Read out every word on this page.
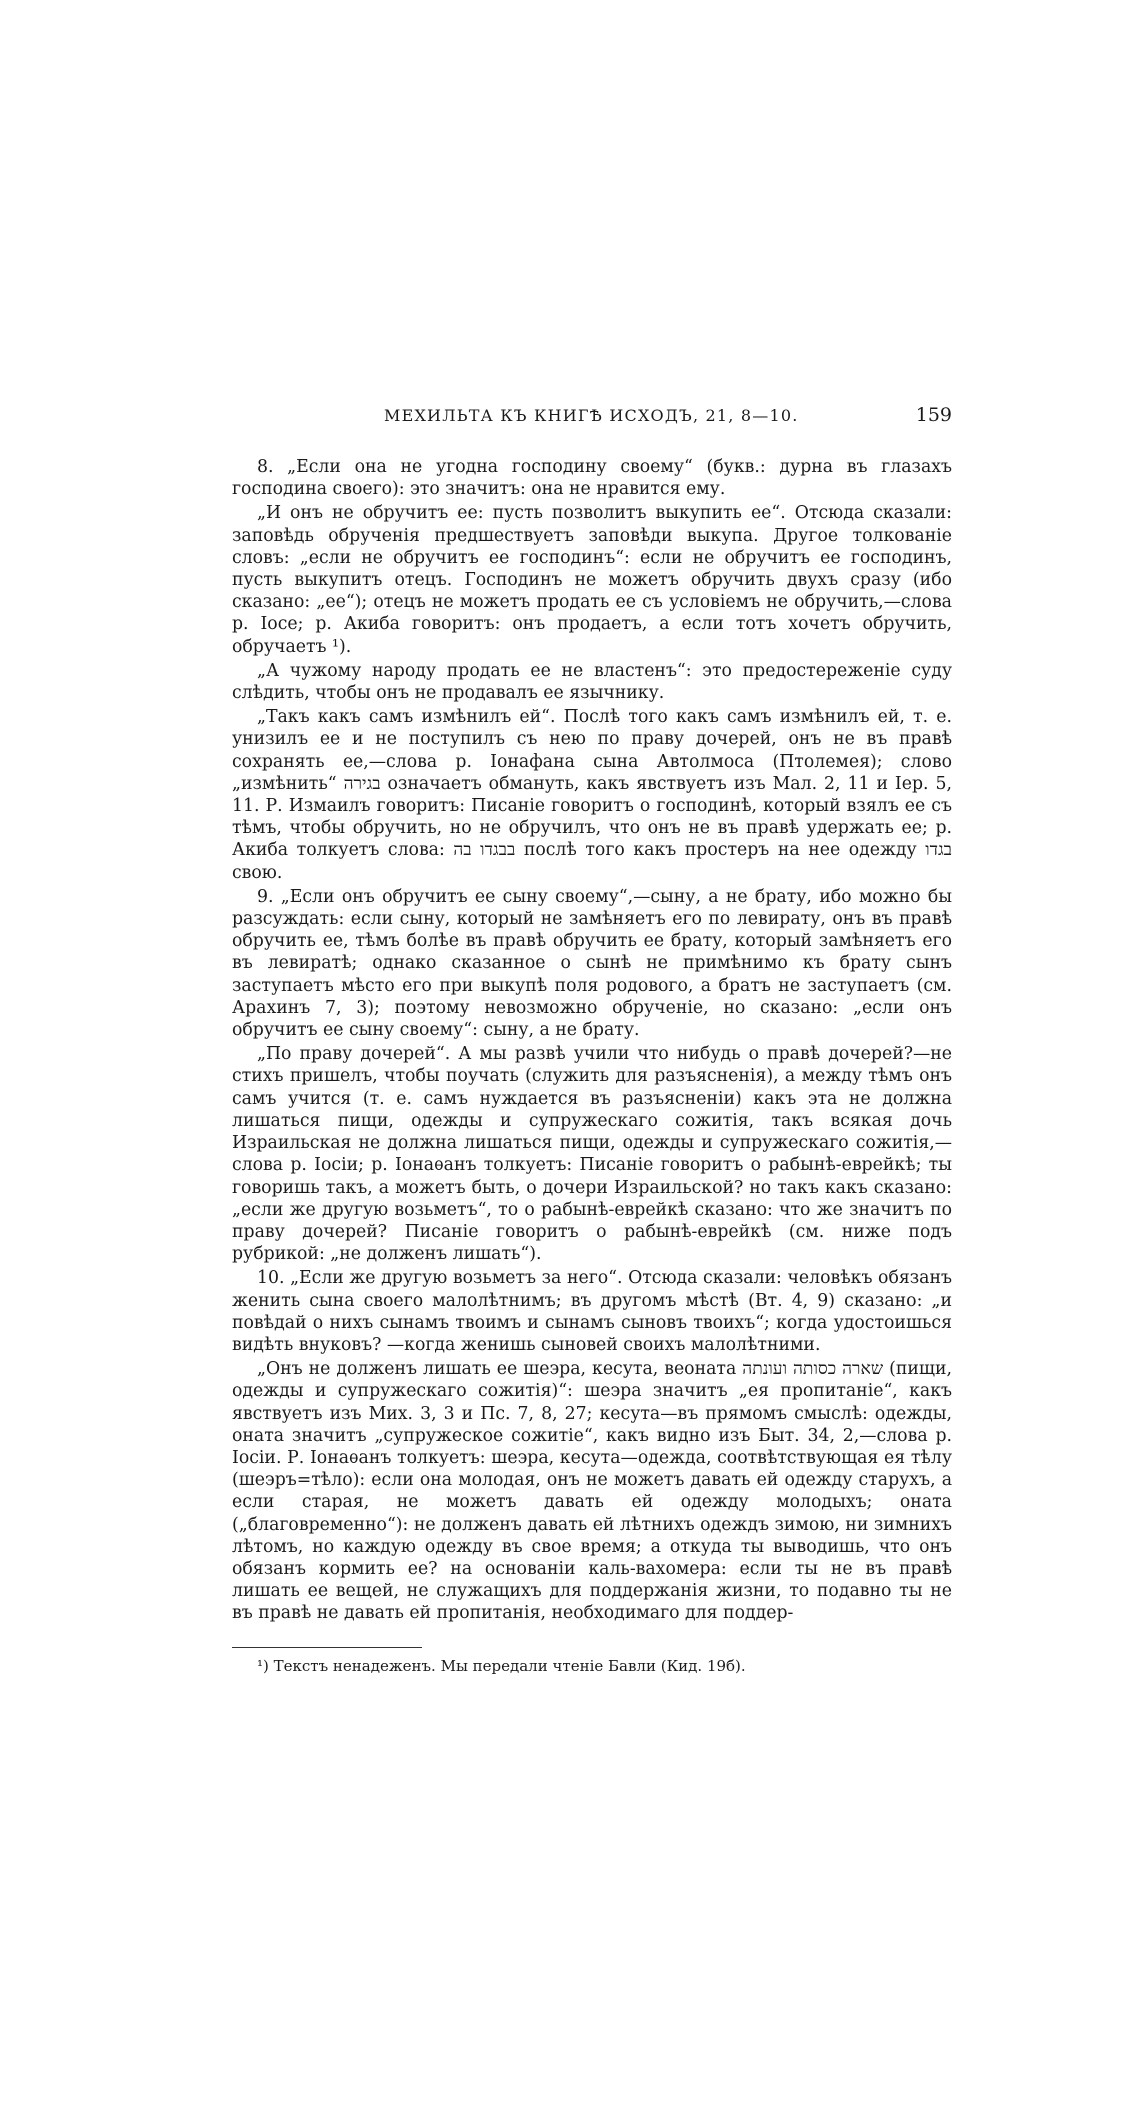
МЕХИЛЬТА КЪ КНИГѢ ИСХОДЪ, 21, 8—10.	159

8. „Если она не угодна господину своему“ (букв.: дурна въ глазахъ господина своего): это значитъ: она не нравится ему.

„И онъ не обручитъ ее: пусть позволитъ выкупить ее“. Отсюда сказали: заповѣдь обрученія предшествуетъ заповѣди выкупа. Другое толкованіе словъ: „если не обручитъ ее господинъ“: если не обручитъ ее господинъ, пусть выкупитъ отецъ. Господинъ не можетъ обручить двухъ сразу (ибо сказано: „ее“); отецъ не можетъ продать ее съ условіемъ не обручить,—слова р. Іосе; р. Акиба говоритъ: онъ продаетъ, а если тотъ хочетъ обручить, обручаетъ ¹).

„А чужому народу продать ее не властенъ“: это предостереженіе суду слѣдить, чтобы онъ не продавалъ ее язычнику.

„Такъ какъ самъ измѣнилъ ей“. Послѣ того какъ самъ измѣнилъ ей, т. е. унизилъ ее и не поступилъ съ нею по праву дочерей, онъ не въ правѣ сохранять ее,—слова р. Іонафана сына Автолмоса (Птолемея); слово „измѣнить“ בגירה означаетъ обмануть, какъ явствуетъ изъ Мал. 2, 11 и Іер. 5, 11. Р. Измаилъ говоритъ: Писаніе говоритъ о господинѣ, который взялъ ее съ тѣмъ, чтобы обручить, но не обручилъ, что онъ не въ правѣ удержать ее; р. Акиба толкуетъ слова: בבגדו בה послѣ того какъ простеръ на нее одежду בגדו свою.

9. „Если онъ обручитъ ее сыну своему“,—сыну, а не брату, ибо можно бы разсуждать: если сыну, который не замѣняетъ его по левирату, онъ въ правѣ обручить ее, тѣмъ болѣе въ правѣ обручить ее брату, который замѣняетъ его въ левиратѣ; однако сказанное о сынѣ не примѣнимо къ брату сынъ заступаетъ мѣсто его при выкупѣ поля родового, а братъ не заступаетъ (см. Арахинъ 7, 3); поэтому невозможно обрученіе, но сказано: „если онъ обручитъ ее сыну своему“: сыну, а не брату.

„По праву дочерей“. А мы развѣ учили что нибудь о правѣ дочерей?—не стихъ пришелъ, чтобы поучать (служить для разъясненія), а между тѣмъ онъ самъ учится (т. е. самъ нуждается въ разъясненіи) какъ эта не должна лишаться пищи, одежды и супружескаго сожитія, такъ всякая дочь Израильская не должна лишаться пищи, одежды и супружескаго сожитія,—слова р. Іосіи; р. Іонаѳанъ толкуетъ: Писаніе говоритъ о рабынѣ-еврейкѣ; ты говоришь такъ, а можетъ быть, о дочери Израильской? но такъ какъ сказано: „если же другую возьметъ“, то о рабынѣ-еврейкѣ сказано: что же значитъ по праву дочерей? Писаніе говоритъ о рабынѣ-еврейкѣ (см. ниже подъ рубрикой: „не долженъ лишать“).

10. „Если же другую возьметъ за него“. Отсюда сказали: человѣкъ обязанъ женить сына своего малолѣтнимъ; въ другомъ мѣстѣ (Вт. 4, 9) сказано: „и повѣдай о нихъ сынамъ твоимъ и сынамъ сыновъ твоихъ“; когда удостоишься видѣть внуковъ? —когда женишь сыновей своихъ малолѣтними.

„Онъ не долженъ лишать ее шеэра, кесута, веоната שארה כסותה ועונתה (пищи, одежды и супружескаго сожитія)“: шеэра значитъ „ея пропитаніе“, какъ явствуетъ изъ Мих. 3, 3 и Пс. 7, 8, 27; кесута—въ прямомъ смыслѣ: одежды, оната значитъ „супружеское сожитіе“, какъ видно изъ Быт. 34, 2,—слова р. Іосіи. Р. Іонаѳанъ толкуетъ: шеэра, кесута—одежда, соотвѣтствующая ея тѣлу (шеэръ=тѣло): если она молодая, онъ не можетъ давать ей одежду старухъ, а если старая, не можетъ давать ей одежду молодыхъ; оната („благовременно“): не долженъ давать ей лѣтнихъ одеждъ зимою, ни зимнихъ лѣтомъ, но каждую одежду въ свое время; а откуда ты выводишь, что онъ обязанъ кормить ее? на основаніи каль-вахомера: если ты не въ правѣ лишать ее вещей, не служащихъ для поддержанія жизни, то подавно ты не въ правѣ не давать ей пропитанія, необходимаго для поддер-

¹) Текстъ ненадеженъ. Мы передали чтеніе Бавли (Кид. 19б).
